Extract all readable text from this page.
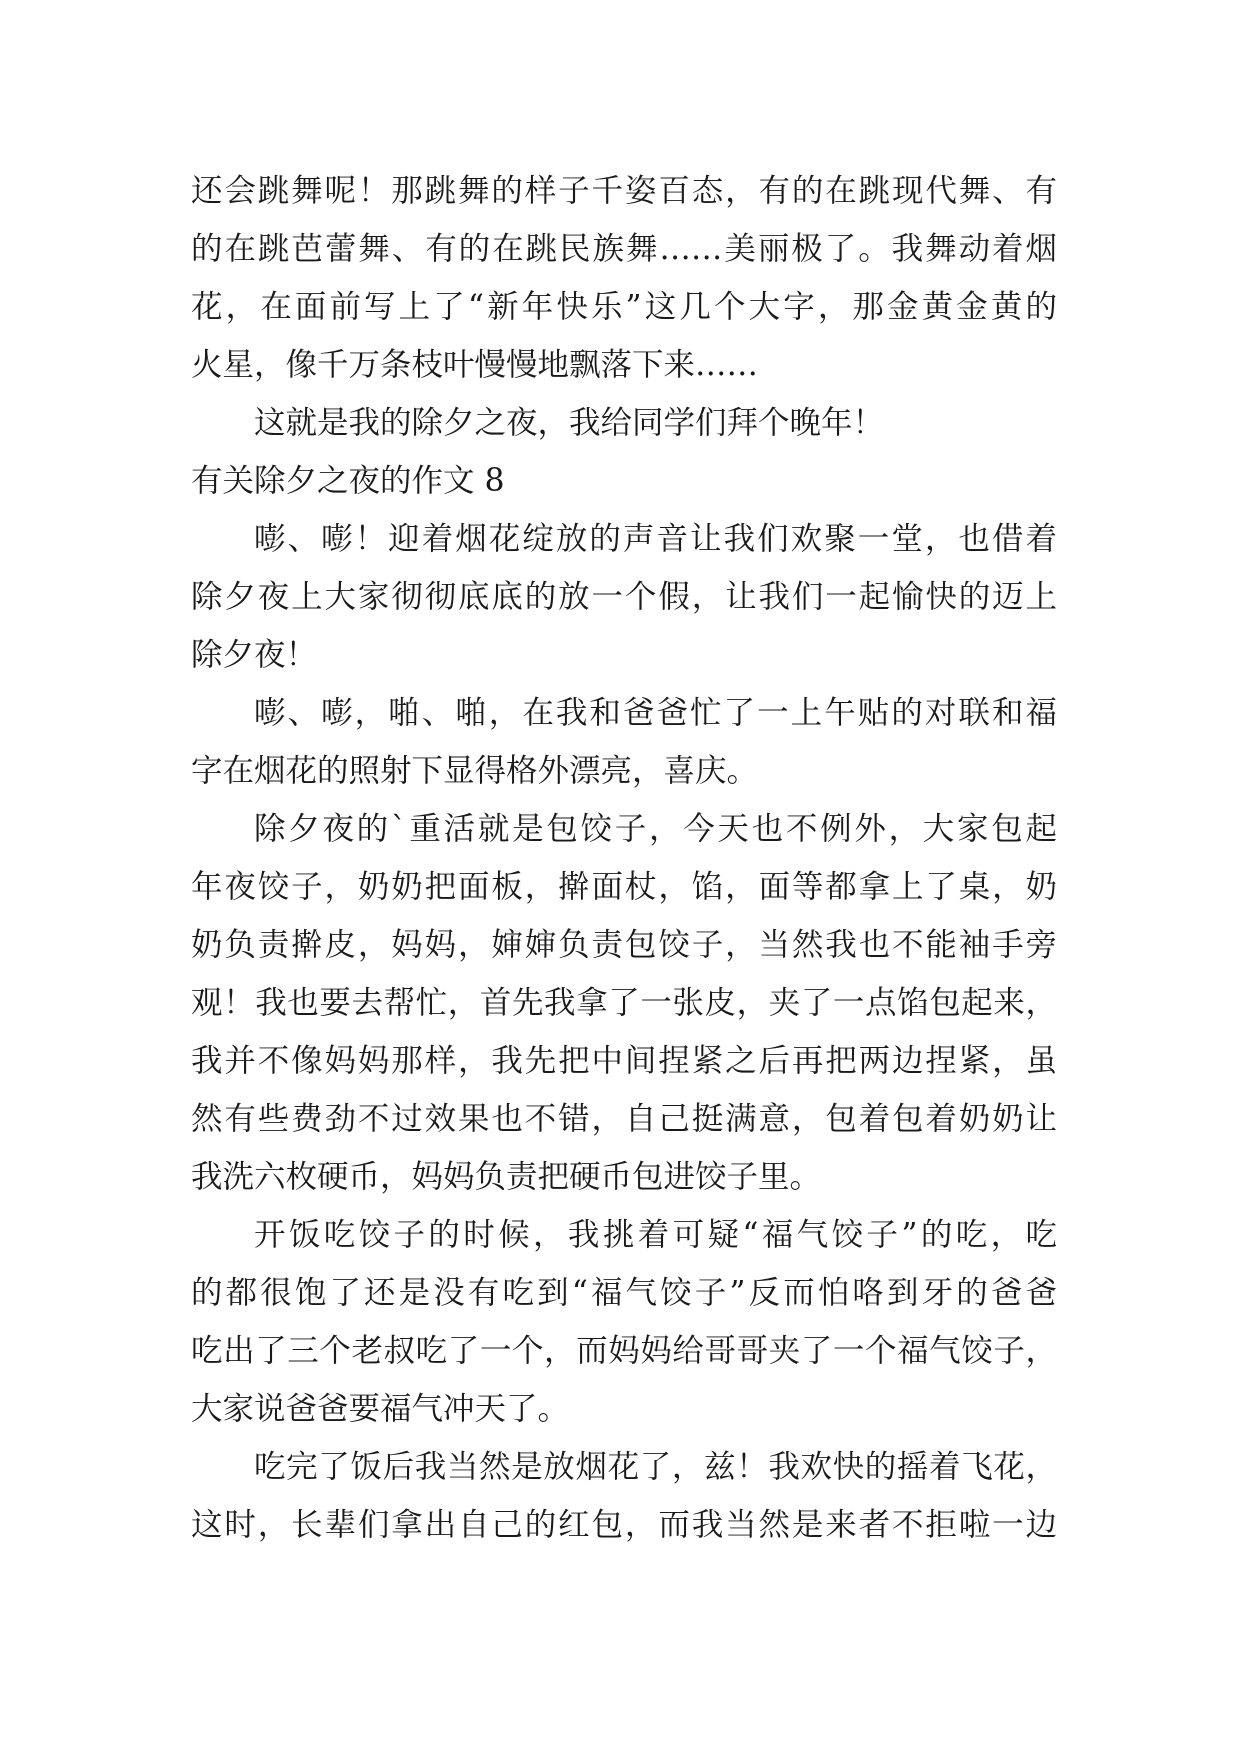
还会跳舞呢！那跳舞的样子千姿百态，有的在跳现代舞、有
的在跳芭蕾舞、有的在跳民族舞……美丽极了。我舞动着烟
花，在面前写上了“新年快乐”这几个大字，那金黄金黄的
火星，像千万条枝叶慢慢地飘落下来……
这就是我的除夕之夜，我给同学们拜个晚年！
有关除夕之夜的作文 8
嘭、嘭！迎着烟花绽放的声音让我们欢聚一堂，也借着
除夕夜上大家彻彻底底的放一个假，让我们一起愉快的迈上
除夕夜！
嘭、嘭，啪、啪，在我和爸爸忙了一上午贴的对联和福
字在烟花的照射下显得格外漂亮，喜庆。
除夕夜的`重活就是包饺子，今天也不例外，大家包起
年夜饺子，奶奶把面板，擀面杖，馅，面等都拿上了桌，奶
奶负责擀皮，妈妈，婶婶负责包饺子，当然我也不能袖手旁
观！我也要去帮忙，首先我拿了一张皮，夹了一点馅包起来，
我并不像妈妈那样，我先把中间捏紧之后再把两边捏紧，虽
然有些费劲不过效果也不错，自己挺满意，包着包着奶奶让
我洗六枚硬币，妈妈负责把硬币包进饺子里。
开饭吃饺子的时候，我挑着可疑“福气饺子”的吃，吃
的都很饱了还是没有吃到“福气饺子”反而怕咯到牙的爸爸
吃出了三个老叔吃了一个，而妈妈给哥哥夹了一个福气饺子，
大家说爸爸要福气冲天了。
吃完了饭后我当然是放烟花了，兹！我欢快的摇着飞花，
这时，长辈们拿出自己的红包，而我当然是来者不拒啦一边
